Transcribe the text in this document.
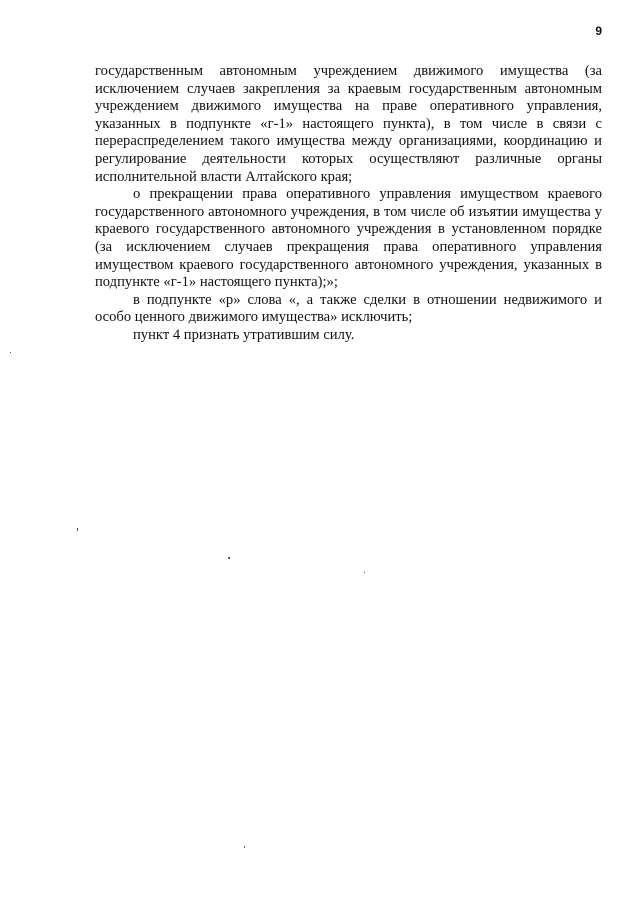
9

государственным автономным учреждением движимого имущества (за исключением случаев закрепления за краевым государственным автономным учреждением движимого имущества на праве оперативного управления, указанных в подпункте «г-1» настоящего пункта), в том числе в связи с перераспределением такого имущества между организациями, координацию и регулирование деятельности которых осуществляют различные органы исполнительной власти Алтайского края;

о прекращении права оперативного управления имуществом краевого государственного автономного учреждения, в том числе об изъятии имущества у краевого государственного автономного учреждения в установленном порядке (за исключением случаев прекращения права оперативного управления имуществом краевого государственного автономного учреждения, указанных в подпункте «г-1» настоящего пункта);»;

в подпункте «р» слова «, а также сделки в отношении недвижимого и особо ценного движимого имущества» исключить;

пункт 4 признать утратившим силу.
